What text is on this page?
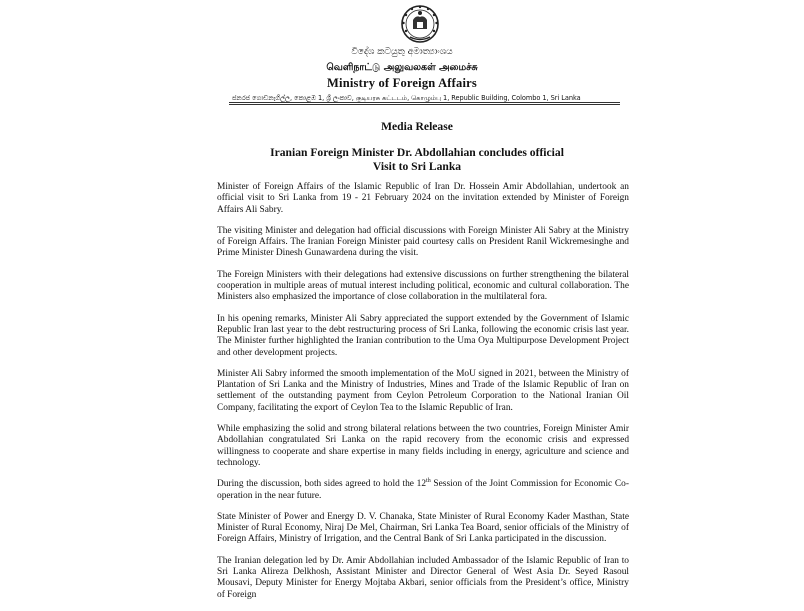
විදේශ කටයුතු අමාත්‍යාංශය
வெளிநாட்டு அலுவலகள் அமைச்சு
Ministry of Foreign Affairs
ජනරජ ගොඩනැගිල්ල, කොළඹ 1, ශ්‍රී ලංකාව, குடியரசு கட்டடம், கொழும்பு 1, Republic Building, Colombo 1, Sri Lanka
Media Release
Iranian Foreign Minister Dr. Abdollahian concludes official
Visit to Sri Lanka

Minister of Foreign Affairs of the Islamic Republic of Iran Dr. Hossein Amir Abdollahian, undertook an official visit to Sri Lanka from 19 - 21 February 2024 on the invitation extended by Minister of Foreign Affairs Ali Sabry.

The visiting Minister and delegation had official discussions with Foreign Minister Ali Sabry at the Ministry of Foreign Affairs. The Iranian Foreign Minister paid courtesy calls on President Ranil Wickremesinghe and Prime Minister Dinesh Gunawardena during the visit.

The Foreign Ministers with their delegations had extensive discussions on further strengthening the bilateral cooperation in multiple areas of mutual interest including political, economic and cultural collaboration. The Ministers also emphasized the importance of close collaboration in the multilateral fora.

In his opening remarks, Minister Ali Sabry appreciated the support extended by the Government of Islamic Republic Iran last year to the debt restructuring process of Sri Lanka, following the economic crisis last year. The Minister further highlighted the Iranian contribution to the Uma Oya Multipurpose Development Project and other development projects.

Minister Ali Sabry informed the smooth implementation of the MoU signed in 2021, between the Ministry of Plantation of Sri Lanka and the Ministry of Industries, Mines and Trade of the Islamic Republic of Iran on settlement of the outstanding payment from Ceylon Petroleum Corporation to the National Iranian Oil Company, facilitating the export of Ceylon Tea to the Islamic Republic of Iran.

While emphasizing the solid and strong bilateral relations between the two countries, Foreign Minister Amir Abdollahian congratulated Sri Lanka on the rapid recovery from the economic crisis and expressed willingness to cooperate and share expertise in many fields including in energy, agriculture and science and technology.

During the discussion, both sides agreed to hold the 12th Session of the Joint Commission for Economic Co-operation in the near future.

State Minister of Power and Energy D. V. Chanaka, State Minister of Rural Economy Kader Masthan, State Minister of Rural Economy, Niraj De Mel, Chairman, Sri Lanka Tea Board, senior officials of the Ministry of Foreign Affairs, Ministry of Irrigation, and the Central Bank of Sri Lanka participated in the discussion.

The Iranian delegation led by Dr. Amir Abdollahian included Ambassador of the Islamic Republic of Iran to Sri Lanka Alireza Delkhosh, Assistant Minister and Director General of West Asia Dr. Seyed Rasoul Mousavi, Deputy Minister for Energy Mojtaba Akbari, senior officials from the President’s office, Ministry of Foreign
